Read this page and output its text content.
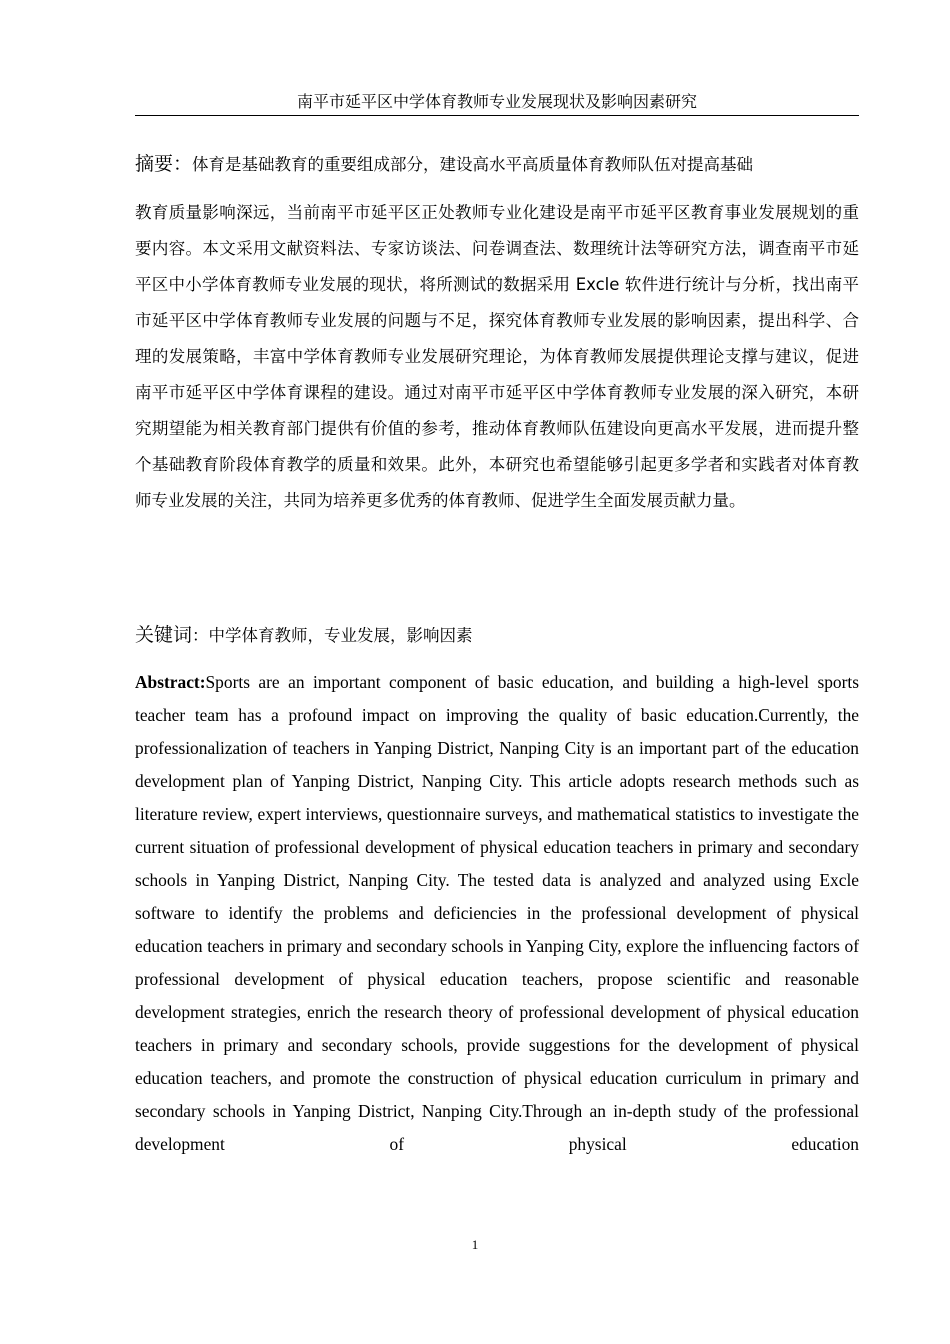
南平市延平区中学体育教师专业发展现状及影响因素研究

摘要：体育是基础教育的重要组成部分，建设高水平高质量体育教师队伍对提高基础
教育质量影响深远，当前南平市延平区正处教师专业化建设是南平市延平区教育事业发展规划的重要内容。本文采用文献资料法、专家访谈法、问卷调查法、数理统计法等研究方法，调查南平市延平区中小学体育教师专业发展的现状，将所测试的数据采用 Excle 软件进行统计与分析，找出南平市延平区中学体育教师专业发展的问题与不足，探究体育教师专业发展的影响因素，提出科学、合理的发展策略，丰富中学体育教师专业发展研究理论，为体育教师发展提供理论支撑与建议，促进南平市延平区中学体育课程的建设。通过对南平市延平区中学体育教师专业发展的深入研究，本研究期望能为相关教育部门提供有价值的参考，推动体育教师队伍建设向更高水平发展，进而提升整个基础教育阶段体育教学的质量和效果。此外，本研究也希望能够引起更多学者和实践者对体育教师专业发展的关注，共同为培养更多优秀的体育教师、促进学生全面发展贡献力量。

关键词：中学体育教师，专业发展，影响因素

Abstract:Sports are an important component of basic education, and building a high-level sports teacher team has a profound impact on improving the quality of basic education.Currently, the professionalization of teachers in Yanping District, Nanping City is an important part of the education development plan of Yanping District, Nanping City. This article adopts research methods such as literature review, expert interviews, questionnaire surveys, and mathematical statistics to investigate the current situation of professional development of physical education teachers in primary and secondary schools in Yanping District, Nanping City. The tested data is analyzed and analyzed using Excle software to identify the problems and deficiencies in the professional development of physical education teachers in primary and secondary schools in Yanping City, explore the influencing factors of professional development of physical education teachers, propose scientific and reasonable development strategies, enrich the research theory of professional development of physical education teachers in primary and secondary schools, provide suggestions for the development of physical education teachers, and promote the construction of physical education curriculum in primary and secondary schools in Yanping District, Nanping City.Through an in-depth study of the professional development of physical education

1
